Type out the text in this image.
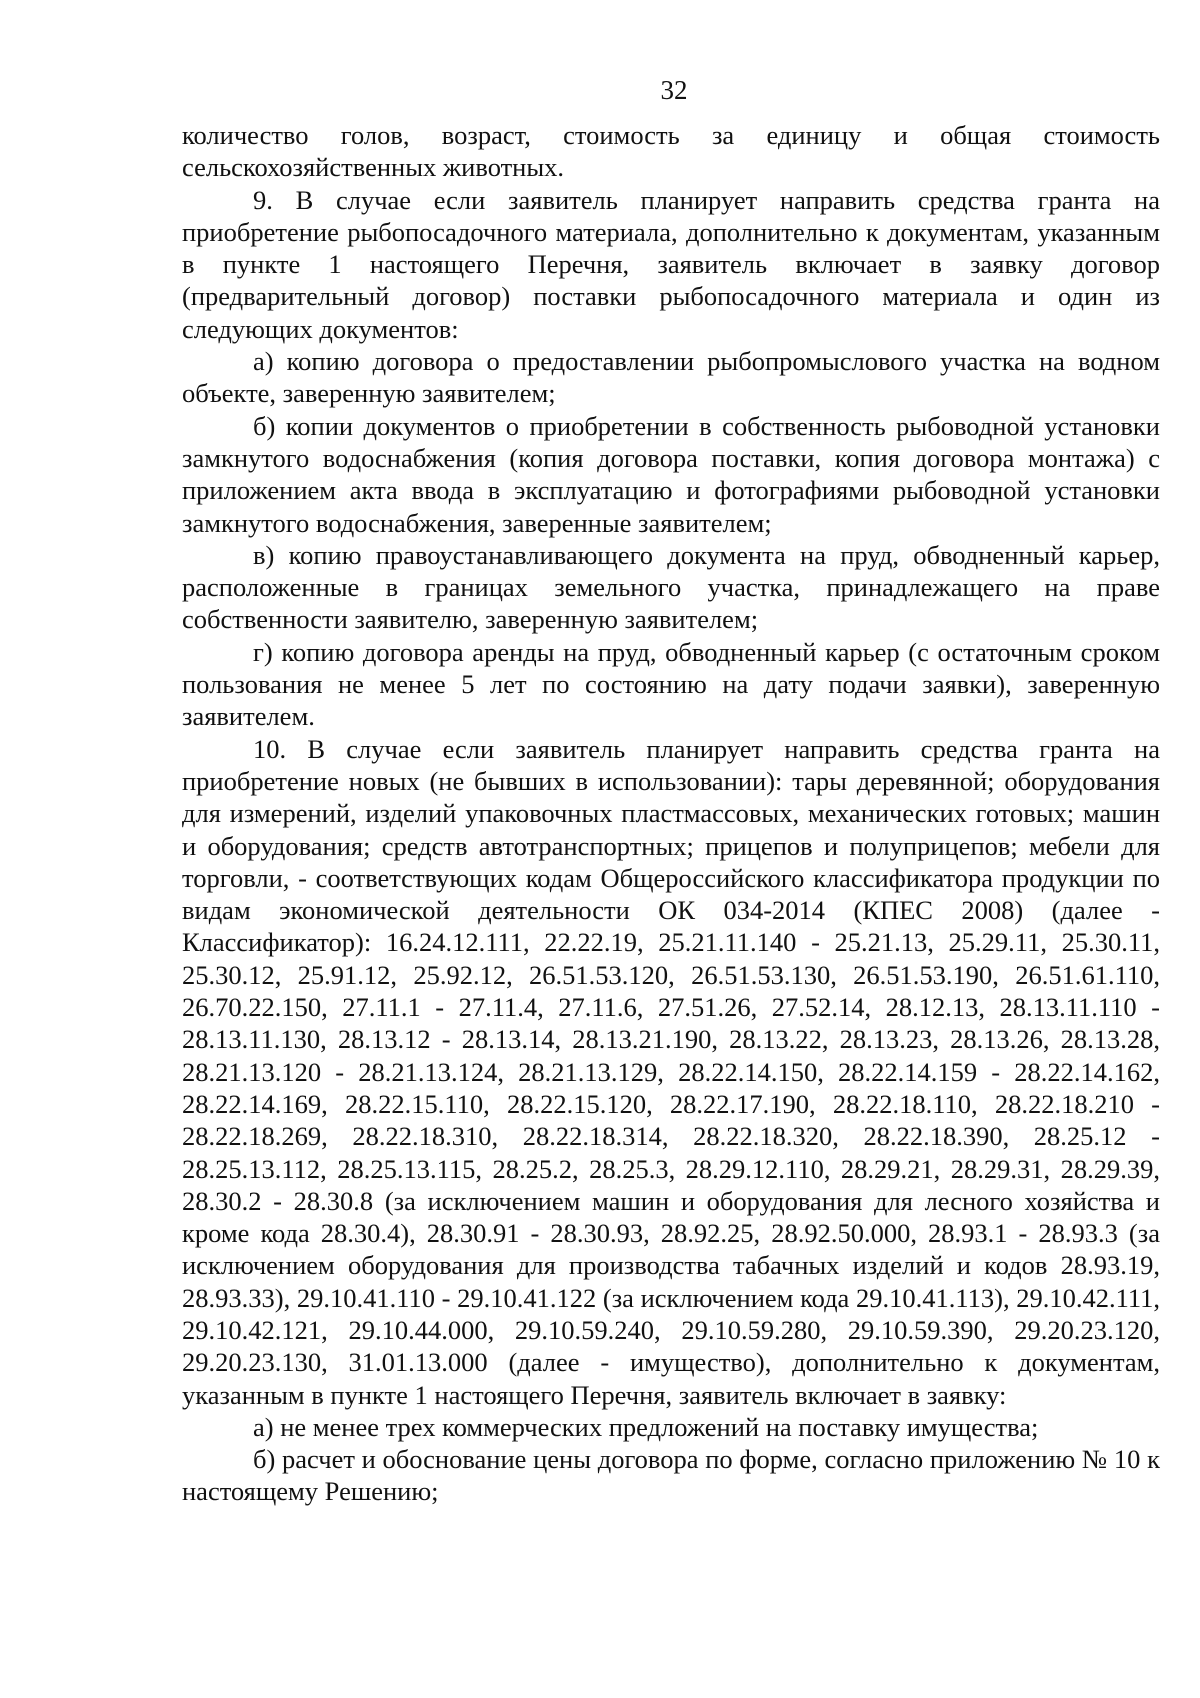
32

количество голов, возраст, стоимость за единицу и общая стоимость сельскохозяйственных животных.

9. В случае если заявитель планирует направить средства гранта на приобретение рыбопосадочного материала, дополнительно к документам, указанным в пункте 1 настоящего Перечня, заявитель включает в заявку договор (предварительный договор) поставки рыбопосадочного материала и один из следующих документов:

а) копию договора о предоставлении рыбопромыслового участка на водном объекте, заверенную заявителем;

б) копии документов о приобретении в собственность рыбоводной установки замкнутого водоснабжения (копия договора поставки, копия договора монтажа) с приложением акта ввода в эксплуатацию и фотографиями рыбоводной установки замкнутого водоснабжения, заверенные заявителем;

в) копию правоустанавливающего документа на пруд, обводненный карьер, расположенные в границах земельного участка, принадлежащего на праве собственности заявителю, заверенную заявителем;

г) копию договора аренды на пруд, обводненный карьер (с остаточным сроком пользования не менее 5 лет по состоянию на дату подачи заявки), заверенную заявителем.

10. В случае если заявитель планирует направить средства гранта на приобретение новых (не бывших в использовании): тары деревянной; оборудования для измерений, изделий упаковочных пластмассовых, механических готовых; машин и оборудования; средств автотранспортных; прицепов и полуприцепов; мебели для торговли, - соответствующих кодам Общероссийского классификатора продукции по видам экономической деятельности ОК 034-2014 (КПЕС 2008) (далее - Классификатор): 16.24.12.111, 22.22.19, 25.21.11.140 - 25.21.13, 25.29.11, 25.30.11, 25.30.12, 25.91.12, 25.92.12, 26.51.53.120, 26.51.53.130, 26.51.53.190, 26.51.61.110, 26.70.22.150, 27.11.1 - 27.11.4, 27.11.6, 27.51.26, 27.52.14, 28.12.13, 28.13.11.110 - 28.13.11.130, 28.13.12 - 28.13.14, 28.13.21.190, 28.13.22, 28.13.23, 28.13.26, 28.13.28, 28.21.13.120 - 28.21.13.124, 28.21.13.129, 28.22.14.150, 28.22.14.159 - 28.22.14.162, 28.22.14.169, 28.22.15.110, 28.22.15.120, 28.22.17.190, 28.22.18.110, 28.22.18.210 - 28.22.18.269, 28.22.18.310, 28.22.18.314, 28.22.18.320, 28.22.18.390, 28.25.12 - 28.25.13.112, 28.25.13.115, 28.25.2, 28.25.3, 28.29.12.110, 28.29.21, 28.29.31, 28.29.39, 28.30.2 - 28.30.8 (за исключением машин и оборудования для лесного хозяйства и кроме кода 28.30.4), 28.30.91 - 28.30.93, 28.92.25, 28.92.50.000, 28.93.1 - 28.93.3 (за исключением оборудования для производства табачных изделий и кодов 28.93.19, 28.93.33), 29.10.41.110 - 29.10.41.122 (за исключением кода 29.10.41.113), 29.10.42.111, 29.10.42.121, 29.10.44.000, 29.10.59.240, 29.10.59.280, 29.10.59.390, 29.20.23.120, 29.20.23.130, 31.01.13.000 (далее - имущество), дополнительно к документам, указанным в пункте 1 настоящего Перечня, заявитель включает в заявку:

а) не менее трех коммерческих предложений на поставку имущества;

б) расчет и обоснование цены договора по форме, согласно приложению № 10 к настоящему Решению;
